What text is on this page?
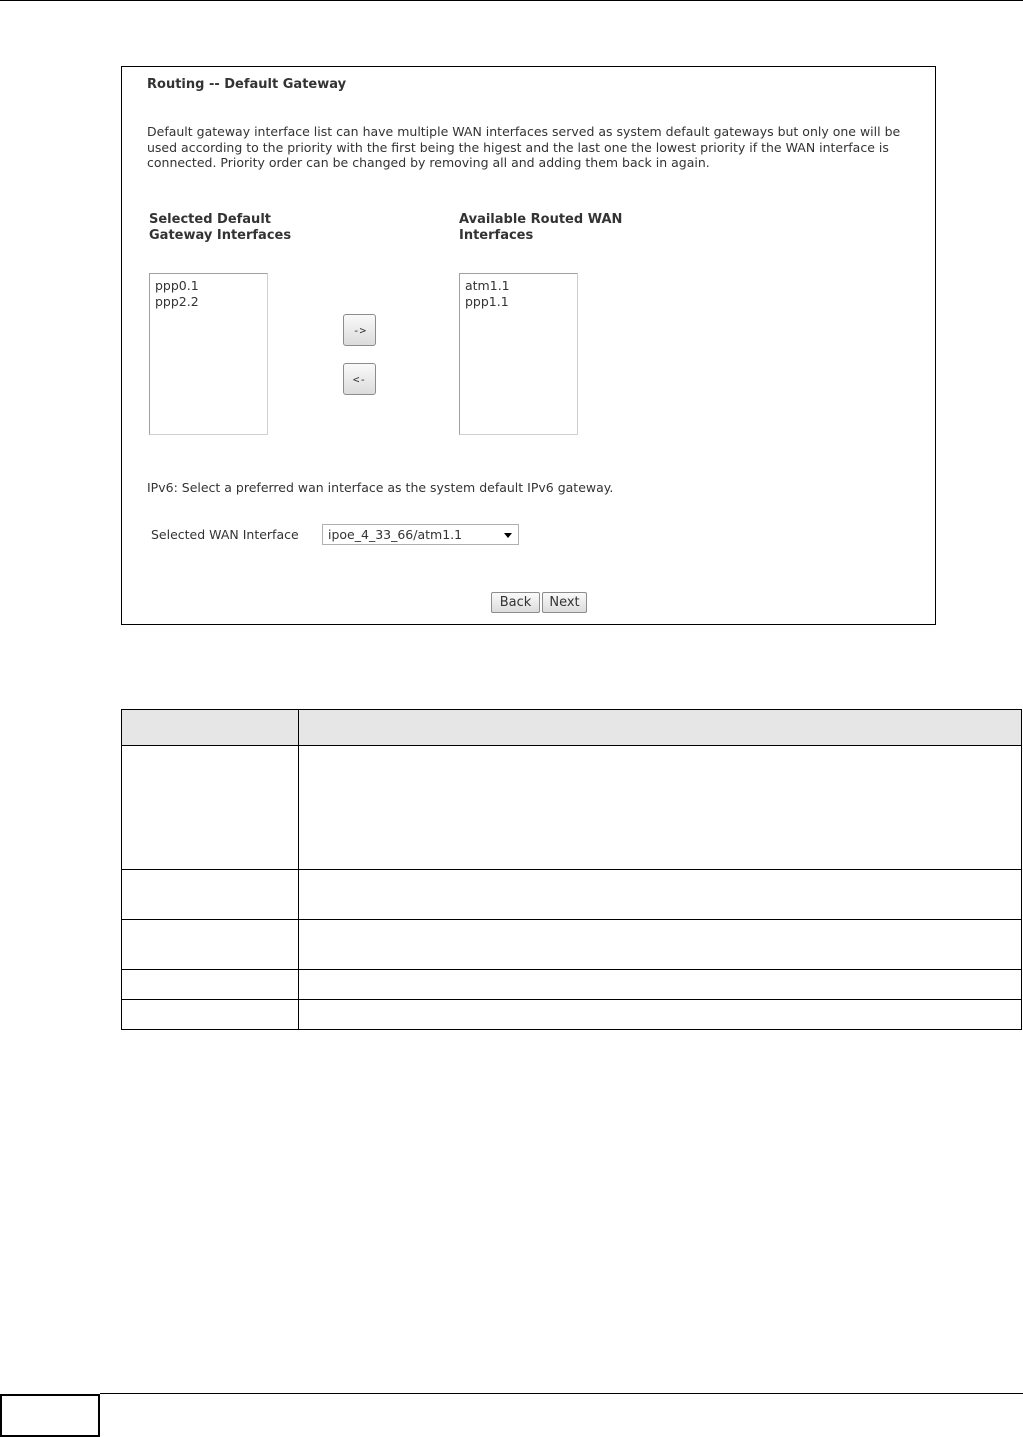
Routing -- Default Gateway
Default gateway interface list can have multiple WAN interfaces served as system default gateways but only one will be used according to the priority with the first being the higest and the last one the lowest priority if the WAN interface is connected. Priority order can be changed by removing all and adding them back in again.
Selected Default
Gateway Interfaces
Available Routed WAN
Interfaces
ppp0.1
ppp2.2
->
<-
atm1.1
ppp1.1
IPv6: Select a preferred wan interface as the system default IPv6 gateway.
Selected WAN Interface ipoe_4_33_66/atm1.1
Back	Next
